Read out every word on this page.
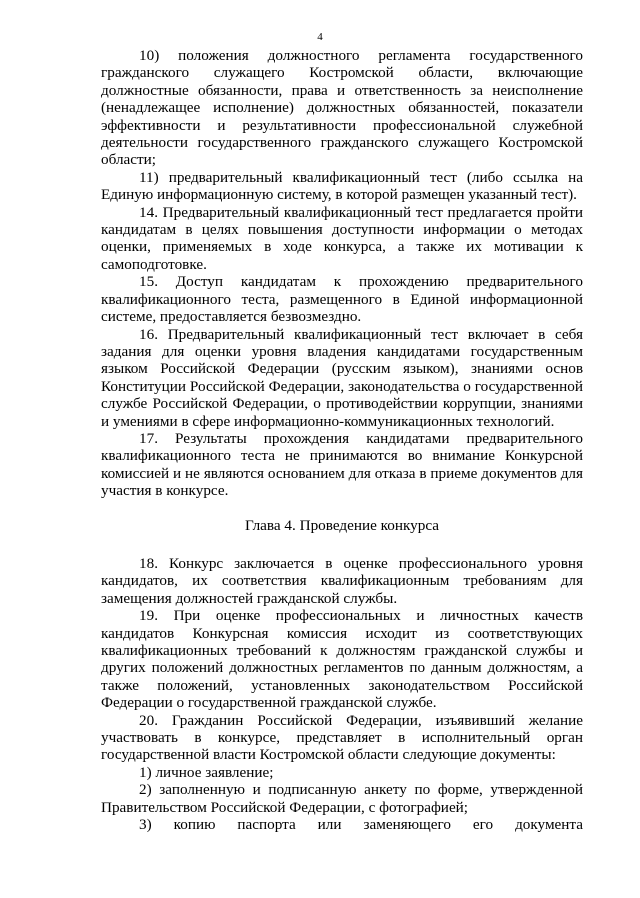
4

10) положения должностного регламента государственного гражданского служащего Костромской области, включающие должностные обязанности, права и ответственность за неисполнение (ненадлежащее исполнение) должностных обязанностей, показатели эффективности и результативности профессиональной служебной деятельности государственного гражданского служащего Костромской области;

11) предварительный квалификационный тест (либо ссылка на Единую информационную систему, в которой размещен указанный тест).

14. Предварительный квалификационный тест предлагается пройти кандидатам в целях повышения доступности информации о методах оценки, применяемых в ходе конкурса, а также их мотивации к самоподготовке.

15. Доступ кандидатам к прохождению предварительного квалификационного теста, размещенного в Единой информационной системе, предоставляется безвозмездно.

16. Предварительный квалификационный тест включает в себя задания для оценки уровня владения кандидатами государственным языком Российской Федерации (русским языком), знаниями основ Конституции Российской Федерации, законодательства о государственной службе Российской Федерации, о противодействии коррупции, знаниями и умениями в сфере информационно-коммуникационных технологий.

17. Результаты прохождения кандидатами предварительного квалификационного теста не принимаются во внимание Конкурсной комиссией и не являются основанием для отказа в приеме документов для участия в конкурсе.

Глава 4. Проведение конкурса

18. Конкурс заключается в оценке профессионального уровня кандидатов, их соответствия квалификационным требованиям для замещения должностей гражданской службы.

19. При оценке профессиональных и личностных качеств кандидатов Конкурсная комиссия исходит из соответствующих квалификационных требований к должностям гражданской службы и других положений должностных регламентов по данным должностям, а также положений, установленных законодательством Российской Федерации о государственной гражданской службе.

20. Гражданин Российской Федерации, изъявивший желание участвовать в конкурсе, представляет в исполнительный орган государственной власти Костромской области следующие документы:

1) личное заявление;

2) заполненную и подписанную анкету по форме, утвержденной Правительством Российской Федерации, с фотографией;

3) копию паспорта или заменяющего его документа
